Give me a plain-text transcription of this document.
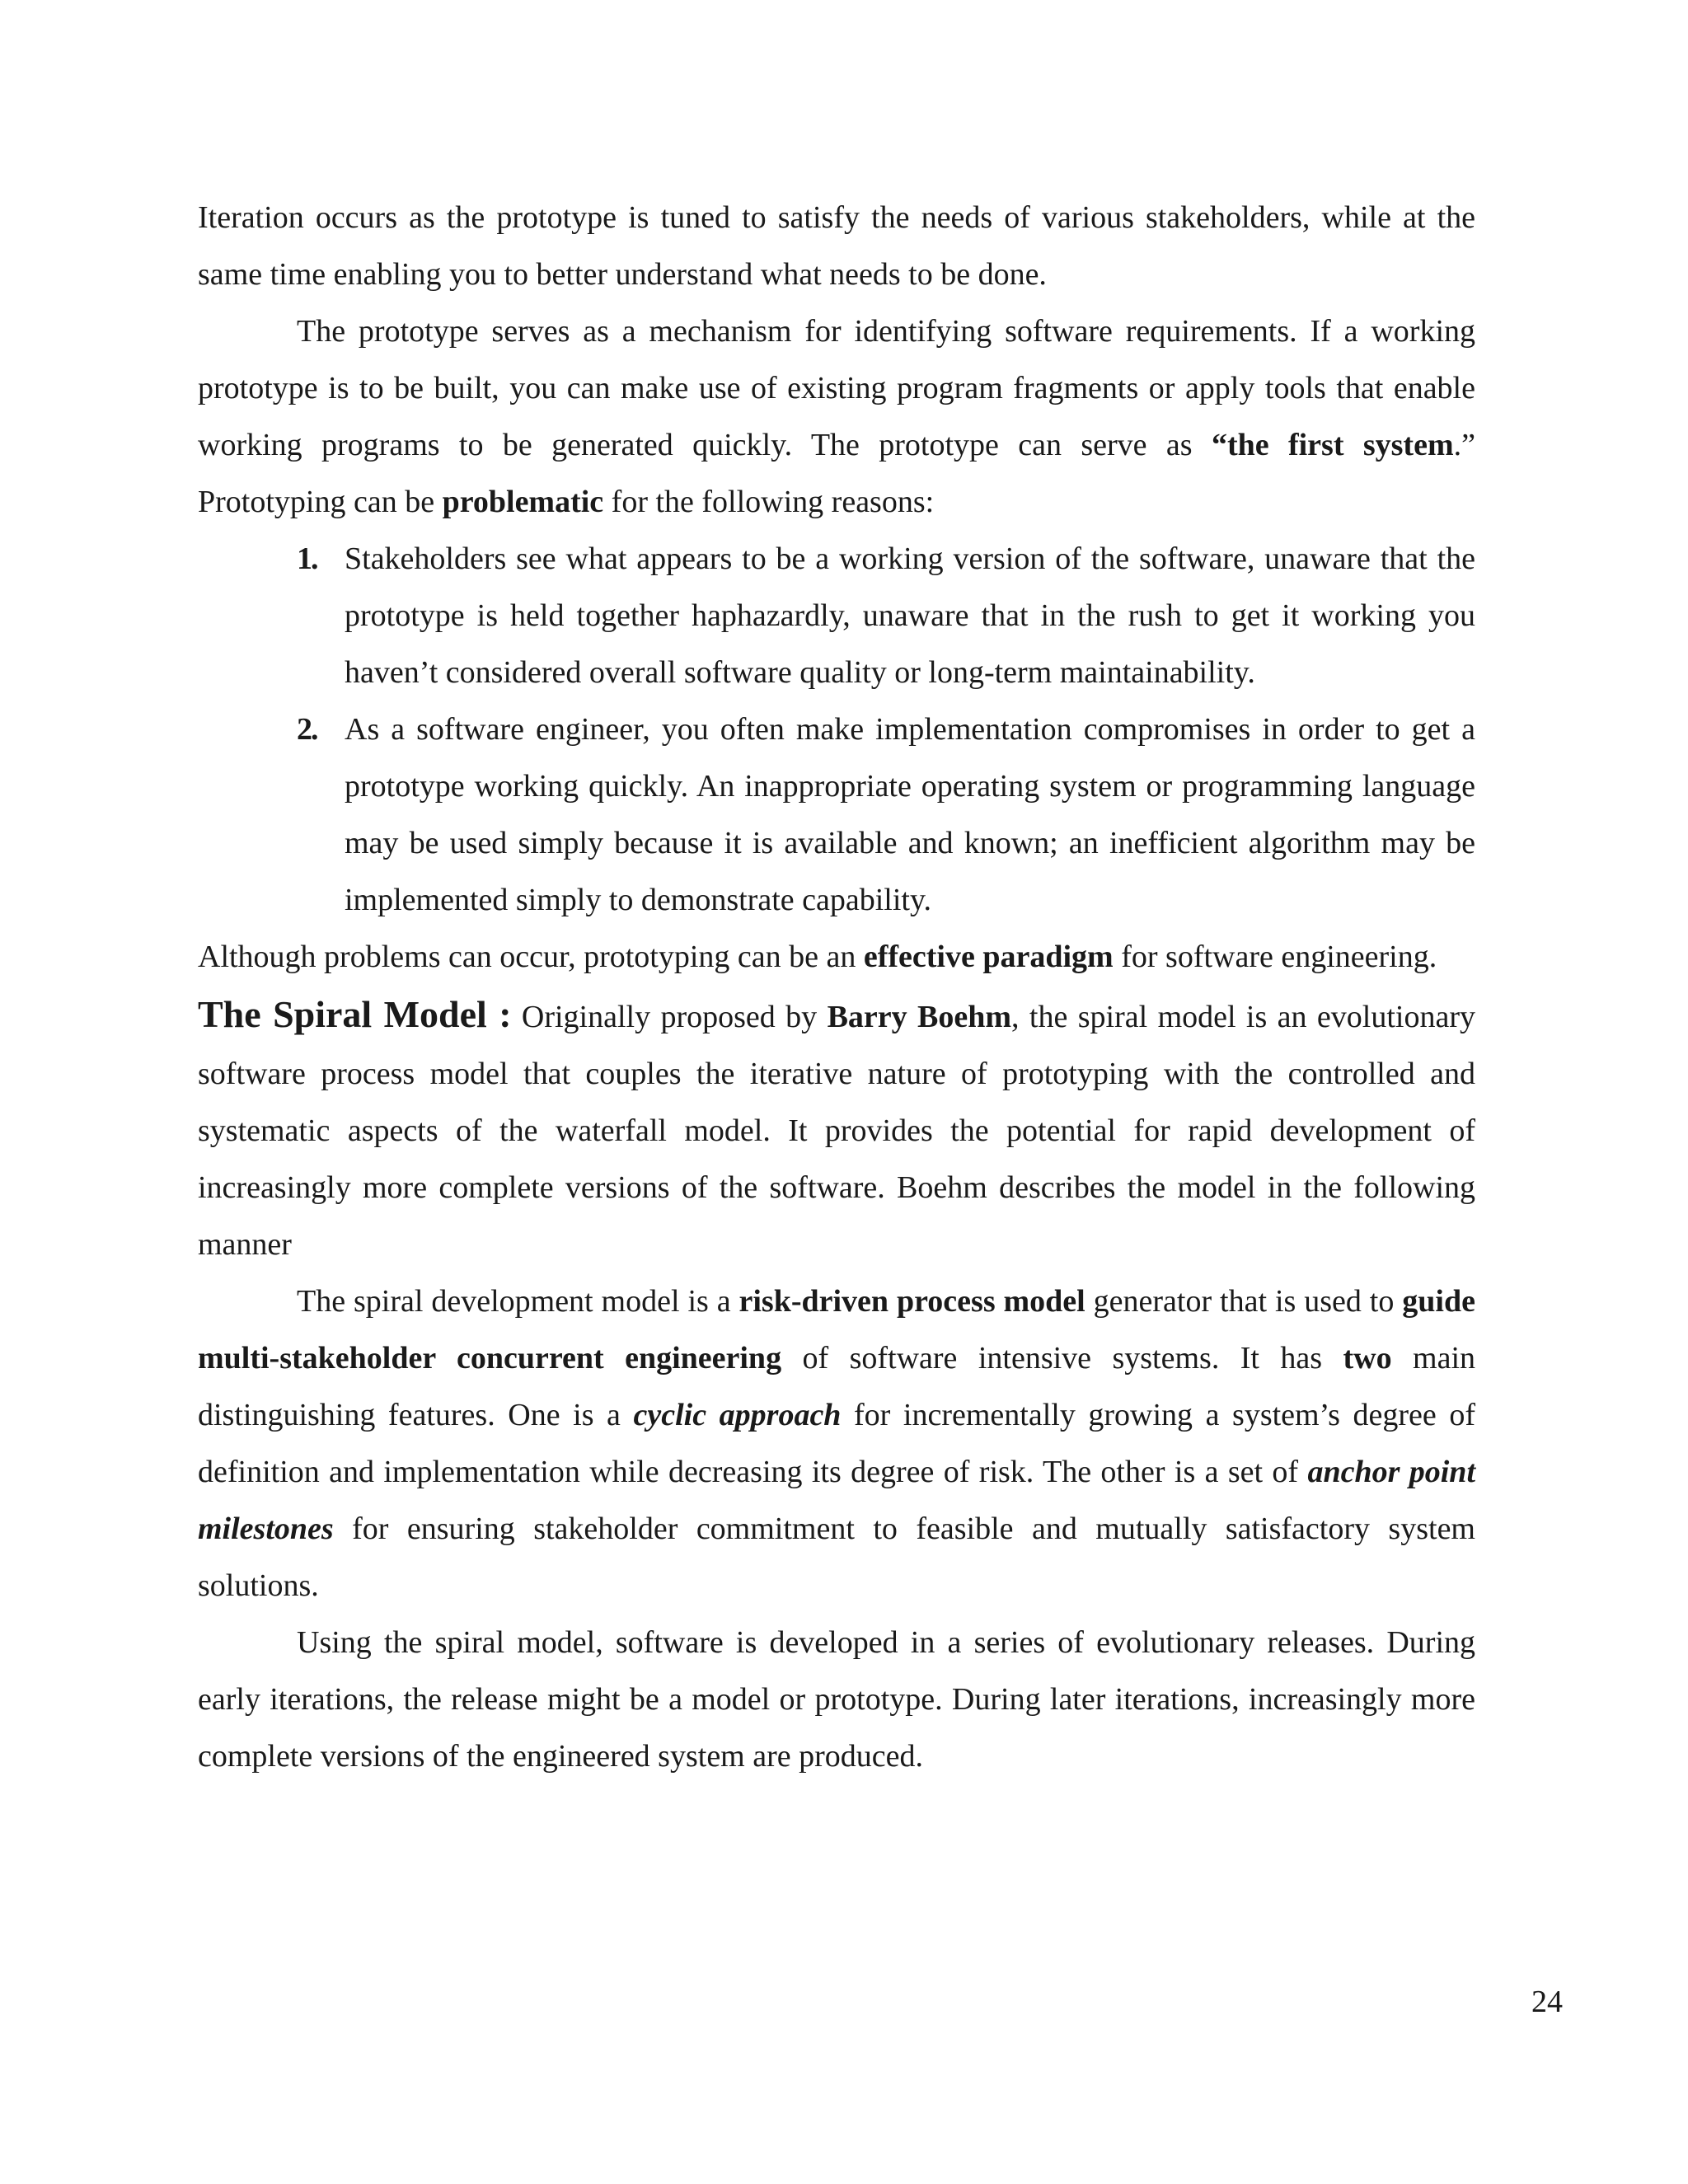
Iteration occurs as the prototype is tuned to satisfy the needs of various stakeholders, while at the same time enabling you to better understand what needs to be done.

The prototype serves as a mechanism for identifying software requirements. If a working prototype is to be built, you can make use of existing program fragments or apply tools that enable working programs to be generated quickly. The prototype can serve as “the first system.” Prototyping can be problematic for the following reasons:

1. Stakeholders see what appears to be a working version of the software, unaware that the prototype is held together haphazardly, unaware that in the rush to get it working you haven’t considered overall software quality or long-term maintainability.
2. As a software engineer, you often make implementation compromises in order to get a prototype working quickly. An inappropriate operating system or programming language may be used simply because it is available and known; an inefficient algorithm may be implemented simply to demonstrate capability.

Although problems can occur, prototyping can be an effective paradigm for software engineering.

The Spiral Model : Originally proposed by Barry Boehm, the spiral model is an evolutionary software process model that couples the iterative nature of prototyping with the controlled and systematic aspects of the waterfall model. It provides the potential for rapid development of increasingly more complete versions of the software. Boehm describes the model in the following manner

The spiral development model is a risk-driven process model generator that is used to guide multi-stakeholder concurrent engineering of software intensive systems. It has two main distinguishing features. One is a cyclic approach for incrementally growing a system’s degree of definition and implementation while decreasing its degree of risk. The other is a set of anchor point milestones for ensuring stakeholder commitment to feasible and mutually satisfactory system solutions.

Using the spiral model, software is developed in a series of evolutionary releases. During early iterations, the release might be a model or prototype. During later iterations, increasingly more complete versions of the engineered system are produced.

24
